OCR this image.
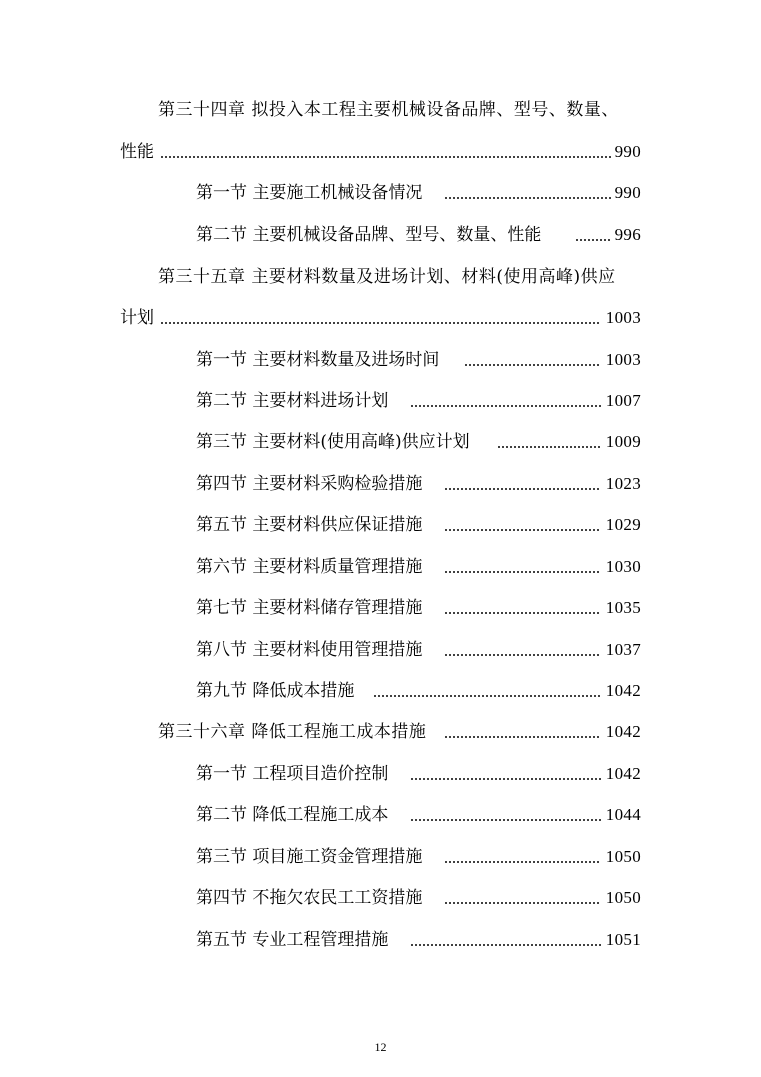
第三十四章 拟投入本工程主要机械设备品牌、型号、数量、
性能	990
第一节 主要施工机械设备情况	990
第二节 主要机械设备品牌、型号、数量、性能	996
第三十五章 主要材料数量及进场计划、材料(使用高峰)供应
计划	1003
第一节 主要材料数量及进场时间	1003
第二节 主要材料进场计划	1007
第三节 主要材料(使用高峰)供应计划	1009
第四节 主要材料采购检验措施	1023
第五节 主要材料供应保证措施	1029
第六节 主要材料质量管理措施	1030
第七节 主要材料储存管理措施	1035
第八节 主要材料使用管理措施	1037
第九节 降低成本措施	1042
第三十六章 降低工程施工成本措施	1042
第一节 工程项目造价控制	1042
第二节 降低工程施工成本	1044
第三节 项目施工资金管理措施	1050
第四节 不拖欠农民工工资措施	1050
第五节 专业工程管理措施	1051
12
